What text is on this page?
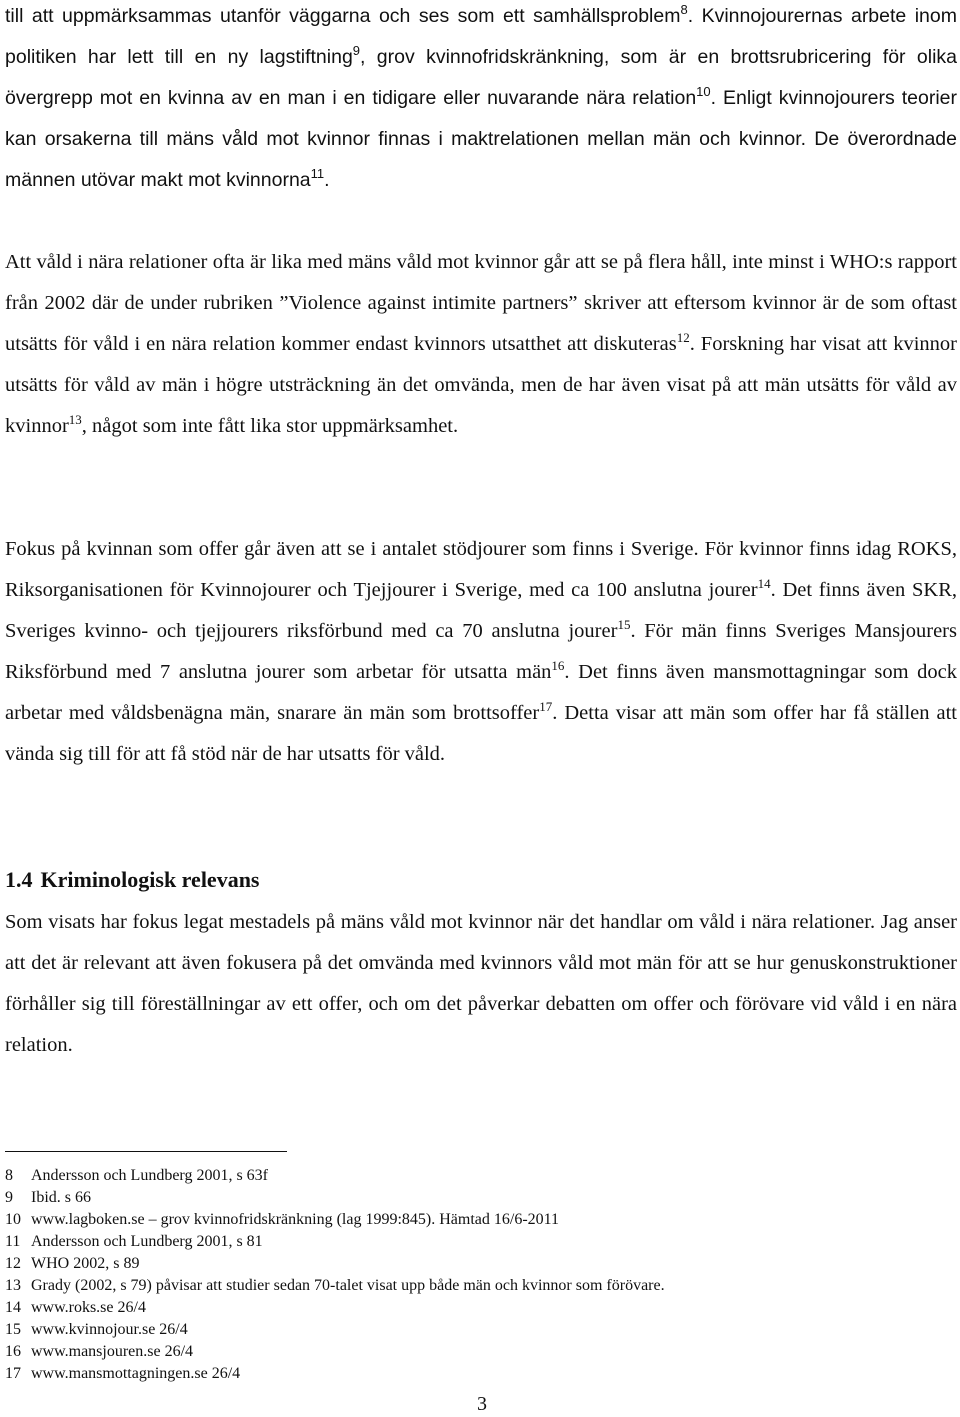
till att uppmärksammas utanför väggarna och ses som ett samhällsproblem$^8$. Kvinnojourernas arbete inom politiken har lett till en ny lagstiftning$^9$, grov kvinnofridskränkning, som är en brottsrubricering för olika övergrepp mot en kvinna av en man i en tidigare eller nuvarande nära relation$^{10}$. Enligt kvinnojourers teorier kan orsakerna till mäns våld mot kvinnor finnas i maktrelationen mellan män och kvinnor. De överordnade männen utövar makt mot kvinnorna$^{11}$.

Att våld i nära relationer ofta är lika med mäns våld mot kvinnor går att se på flera håll, inte minst i WHO:s rapport från 2002 där de under rubriken ”Violence against intimite partners” skriver att eftersom kvinnor är de som oftast utsätts för våld i en nära relation kommer endast kvinnors utsatthet att diskuteras$^{12}$. Forskning har visat att kvinnor utsätts för våld av män i högre utsträckning än det omvända, men de har även visat på att män utsätts för våld av kvinnor$^{13}$, något som inte fått lika stor uppmärksamhet.

Fokus på kvinnan som offer går även att se i antalet stödjourer som finns i Sverige. För kvinnor finns idag ROKS, Riksorganisationen för Kvinnojourer och Tjejjourer i Sverige, med ca 100 anslutna jourer$^{14}$. Det finns även SKR, Sveriges kvinno- och tjejjourers riksförbund med ca 70 anslutna jourer$^{15}$. För män finns Sveriges Mansjourers Riksförbund med 7 anslutna jourer som arbetar för utsatta män$^{16}$. Det finns även mansmottagningar som dock arbetar med våldsbenägna män, snarare än män som brottsoffer$^{17}$. Detta visar att män som offer har få ställen att vända sig till för att få stöd när de har utsatts för våld.

1.4 Kriminologisk relevans

Som visats har fokus legat mestadels på mäns våld mot kvinnor när det handlar om våld i nära relationer. Jag anser att det är relevant att även fokusera på det omvända med kvinnors våld mot män för att se hur genuskonstruktioner förhåller sig till föreställningar av ett offer, och om det påverkar debatten om offer och förövare vid våld i en nära relation.

8 Andersson och Lundberg 2001, s 63f
9 Ibid. s 66
10 www.lagboken.se – grov kvinnofridskränkning (lag 1999:845). Hämtad 16/6-2011
11 Andersson och Lundberg 2001, s 81
12 WHO 2002, s 89
13 Grady (2002, s 79) påvisar att studier sedan 70-talet visat upp både män och kvinnor som förövare.
14 www.roks.se 26/4
15 www.kvinnojour.se 26/4
16 www.mansjouren.se 26/4
17 www.mansmottagningen.se 26/4
3
